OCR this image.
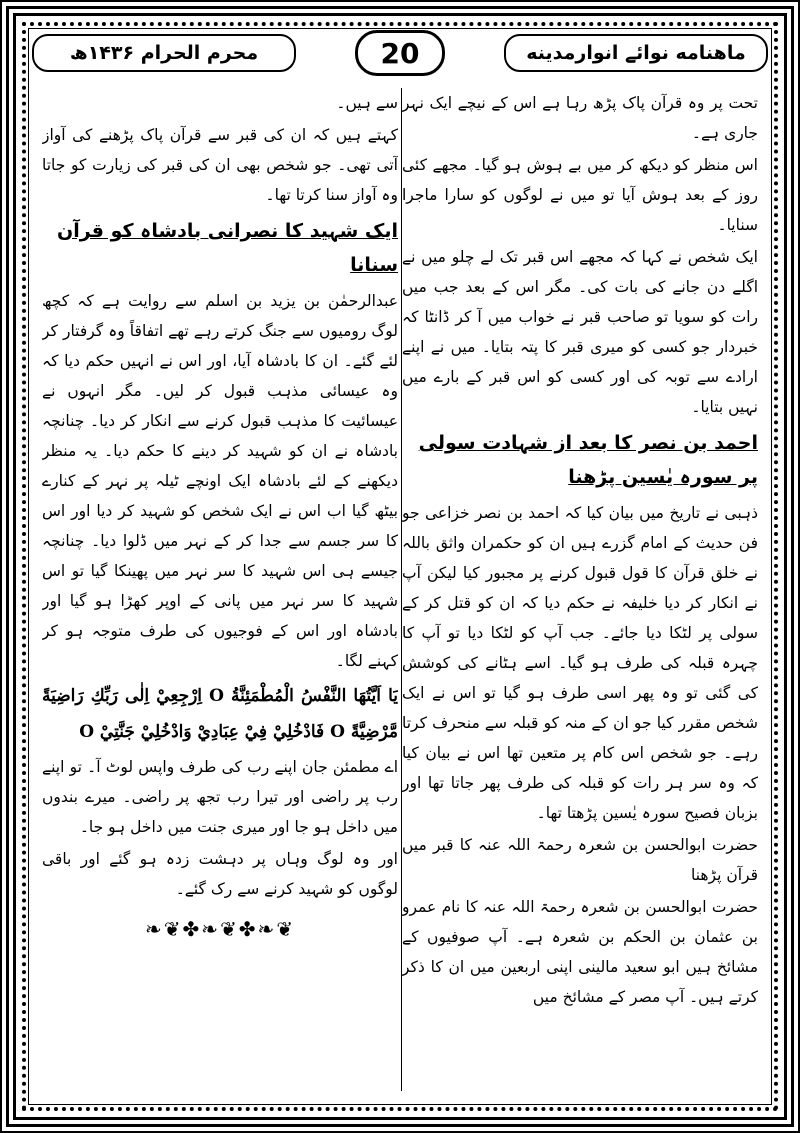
ماهنامه نوائے انوارمدینه
20
محرم الحرام ۱۴۳۶ھ

تحت پر وہ قرآن پاک پڑھ رہا ہے اس کے نیچے ایک نہر جاری ہے۔

اس منظر کو دیکھ کر میں بے ہوش ہو گیا۔ مجھے کئی روز کے بعد ہوش آیا تو میں نے لوگوں کو سارا ماجرا سنایا۔

ایک شخص نے کہا کہ مجھے اس قبر تک لے چلو میں نے اگلے دن جانے کی بات کی۔ مگر اس کے بعد جب میں رات کو سویا تو صاحب قبر نے خواب میں آ کر ڈانٹا کہ خبردار جو کسی کو میری قبر کا پتہ بتایا۔ میں نے اپنے ارادے سے توبہ کی اور کسی کو اس قبر کے بارے میں نہیں بتایا۔

احمد بن نصر کا بعد از شہادت سولی پر سورہ یٰسین پڑھنا

ذہبی نے تاریخ میں بیان کیا کہ احمد بن نصر خزاعی جو فن حدیث کے امام گزرے ہیں ان کو حکمران واثق باللہ نے خلق قرآن کا قول قبول کرنے پر مجبور کیا لیکن آپ نے انکار کر دیا خلیفہ نے حکم دیا کہ ان کو قتل کر کے سولی پر لٹکا دیا جائے۔ جب آپ کو لٹکا دیا تو آپ کا چہرہ قبلہ کی طرف ہو گیا۔ اسے ہٹانے کی کوشش کی گئی تو وہ پھر اسی طرف ہو گیا تو اس نے ایک شخص مقرر کیا جو ان کے منہ کو قبلہ سے منحرف کرتا رہے۔ جو شخص اس کام پر متعین تھا اس نے بیان کیا کہ وہ سر ہر رات کو قبلہ کی طرف پھر جاتا تھا اور بزبان فصیح سورہ یٰسین پڑھتا تھا۔

حضرت ابوالحسن بن شعرہ رحمۃ اللہ عنہ کا قبر میں قرآن پڑھنا

حضرت ابوالحسن بن شعرہ رحمۃ اللہ عنہ کا نام عمرو بن عثمان بن الحکم بن شعرہ ہے۔ آپ صوفیوں کے مشائخ ہیں ابو سعید مالینی اپنی اربعین میں ان کا ذکر کرتے ہیں۔ آپ مصر کے مشائخ میں

سے ہیں۔

کہتے ہیں کہ ان کی قبر سے قرآن پاک پڑھنے کی آواز آتی تھی۔ جو شخص بھی ان کی قبر کی زیارت کو جاتا وہ آواز سنا کرتا تھا۔

ایک شہید کا نصرانی بادشاہ کو قرآن سنانا

عبدالرحمٰن بن یزید بن اسلم سے روایت ہے کہ کچھ لوگ رومیوں سے جنگ کرتے رہے تھے اتفاقاً وہ گرفتار کر لئے گئے۔ ان کا بادشاہ آیا، اور اس نے انہیں حکم دیا کہ وہ عیسائی مذہب قبول کر لیں۔ مگر انہوں نے عیسائیت کا مذہب قبول کرنے سے انکار کر دیا۔ چنانچہ بادشاہ نے ان کو شہید کر دینے کا حکم دیا۔ یہ منظر دیکھنے کے لئے بادشاہ ایک اونچے ٹیلہ پر نہر کے کنارے بیٹھ گیا اب اس نے ایک شخص کو شہید کر دیا اور اس کا سر جسم سے جدا کر کے نہر میں ڈلوا دیا۔ چنانچہ جیسے ہی اس شہید کا سر نہر میں پھینکا گیا تو اس شہید کا سر نہر میں پانی کے اوپر کھڑا ہو گیا اور بادشاہ اور اس کے فوجیوں کی طرف متوجہ ہو کر کہنے لگا۔

يَا اَيَّتُهَا النَّفْسُ الْمُطْمَئِنَّةُ O اِرْجِعِيْ اِلٰى رَبِّكِ رَاضِيَةً مَّرْضِيَّةً O فَادْخُلِيْ فِيْ عِبَادِيْ وَادْخُلِيْ جَنَّتِيْ O

اے مطمئن جان اپنے رب کی طرف واپس لوٹ آ۔ تو اپنے رب پر راضی اور تیرا رب تجھ پر راضی۔ میرے بندوں میں داخل ہو جا اور میری جنت میں داخل ہو جا۔

اور وہ لوگ وہاں پر دہشت زدہ ہو گئے اور باقی لوگوں کو شہید کرنے سے رک گئے۔

❦❧✤❦❧✤❦❧
